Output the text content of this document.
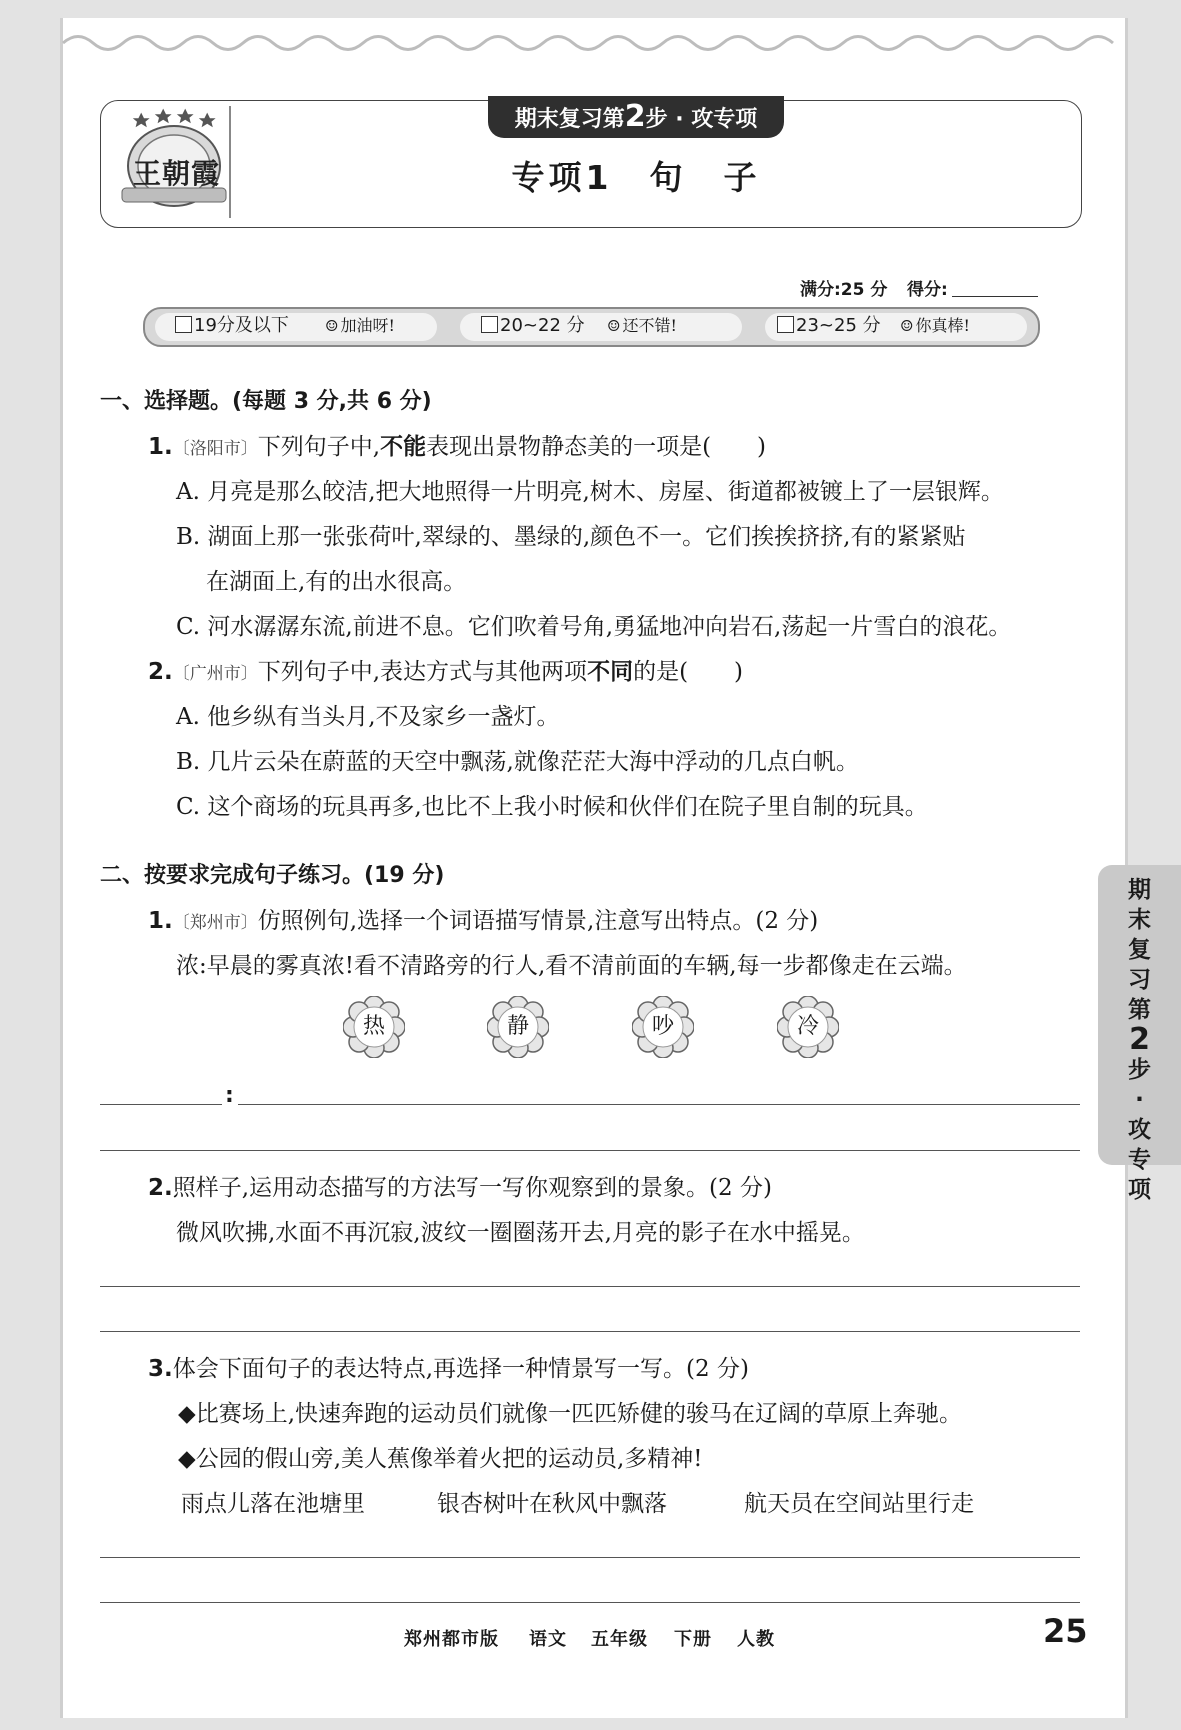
王朝霞
期末复习第2步 · 攻专项
专项1　句　子
满分:25 分 得分:
19分及以下 ☺ 加油呀!	20~22 分 ☺ 还不错!	23~25 分 ☺ 你真棒!
一、选择题。(每题 3 分,共 6 分)
1.〔洛阳市〕下列句子中,不能表现出景物静态美的一项是(　　)
A. 月亮是那么皎洁,把大地照得一片明亮,树木、房屋、街道都被镀上了一层银辉。
B. 湖面上那一张张荷叶,翠绿的、墨绿的,颜色不一。它们挨挨挤挤,有的紧紧贴
在湖面上,有的出水很高。
C. 河水潺潺东流,前进不息。它们吹着号角,勇猛地冲向岩石,荡起一片雪白的浪花。
2.〔广州市〕下列句子中,表达方式与其他两项不同的是(　　)
A. 他乡纵有当头月,不及家乡一盏灯。
B. 几片云朵在蔚蓝的天空中飘荡,就像茫茫大海中浮动的几点白帆。
C. 这个商场的玩具再多,也比不上我小时候和伙伴们在院子里自制的玩具。
二、按要求完成句子练习。(19 分)
1.〔郑州市〕仿照例句,选择一个词语描写情景,注意写出特点。(2 分)
浓:早晨的雾真浓!看不清路旁的行人,看不清前面的车辆,每一步都像走在云端。
热	静	吵	冷
:
2.照样子,运用动态描写的方法写一写你观察到的景象。(2 分)
微风吹拂,水面不再沉寂,波纹一圈圈荡开去,月亮的影子在水中摇晃。
3.体会下面句子的表达特点,再选择一种情景写一写。(2 分)
◆比赛场上,快速奔跑的运动员们就像一匹匹矫健的骏马在辽阔的草原上奔驰。
◆公园的假山旁,美人蕉像举着火把的运动员,多精神!
雨点儿落在池塘里	银杏树叶在秋风中飘落	航天员在空间站里行走
期末复习第
2
步·攻专项
郑州都市版 语文 五年级 下册 人教	25
